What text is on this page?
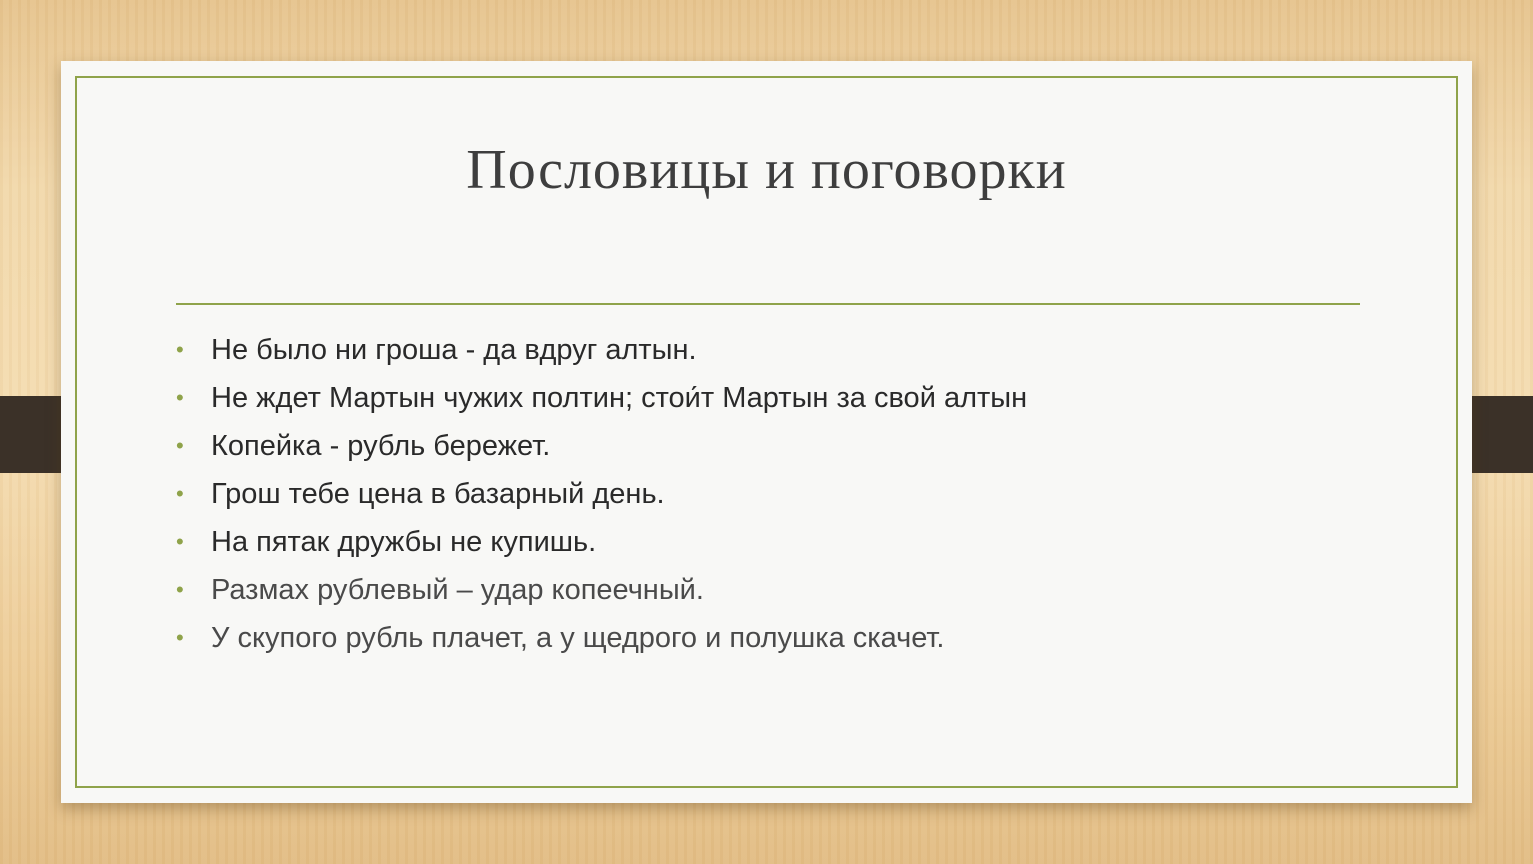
Пословицы и поговорки
• Не было ни гроша - да вдруг алтын.
• Не ждет Мартын чужих полтин; стои́т Мартын за свой алтын
• Копейка - рубль бережет.
• Грош тебе цена в базарный день.
• На пятак дружбы не купишь.
• Размах рублевый – удар копеечный.
• У скупого рубль плачет, а у щедрого и полушка скачет.
